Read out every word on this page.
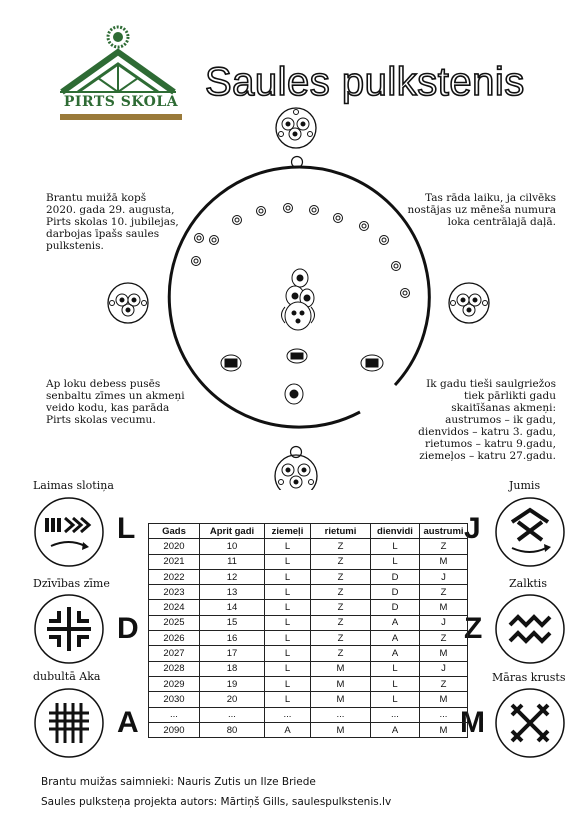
PIRTS SKOLA Saules pulkstenis
Brantu muižā kopš
2020. gada 29. augusta,
Pirts skolas 10. jubilejas,
darbojas īpašs saules
pulkstenis.
Tas rāda laiku, ja cilvēks
nostājas uz mēneša numura
loka centrālajā daļā.
Ap loku debess pusēs
senbaltu zīmes un akmeņi
veido kodu, kas parāda
Pirts skolas vecumu.
Ik gadu tieši saulgriežos
tiek pārlikti gadu
skaitīšanas akmeņi:
austrumos – ik gadu,
dienvidos – katru 3. gadu,
rietumos – katru 9.gadu,
ziemeļos – katru 27.gadu.
Laimas slotiņa
L
Dzīvības zīme
D
dubultā Aka
A
Jumis
J
Zalktis
Z
Māras krusts
M
Gads	Aprit gadi	ziemeļi	rietumi	dienvidi	austrumi
2020	10	L	Z	L	Z
2021	11	L	Z	L	M
2022	12	L	Z	D	J
2023	13	L	Z	D	Z
2024	14	L	Z	D	M
2025	15	L	Z	A	J
2026	16	L	Z	A	Z
2027	17	L	Z	A	M
2028	18	L	M	L	J
2029	19	L	M	L	Z
2030	20	L	M	L	M
...	...	...	...	...	...
2090	80	A	M	A	M
Brantu muižas saimnieki: Nauris Zutis un Ilze Briede
Saules pulksteņa projekta autors: Mārtiņš Gills, saulespulkstenis.lv
